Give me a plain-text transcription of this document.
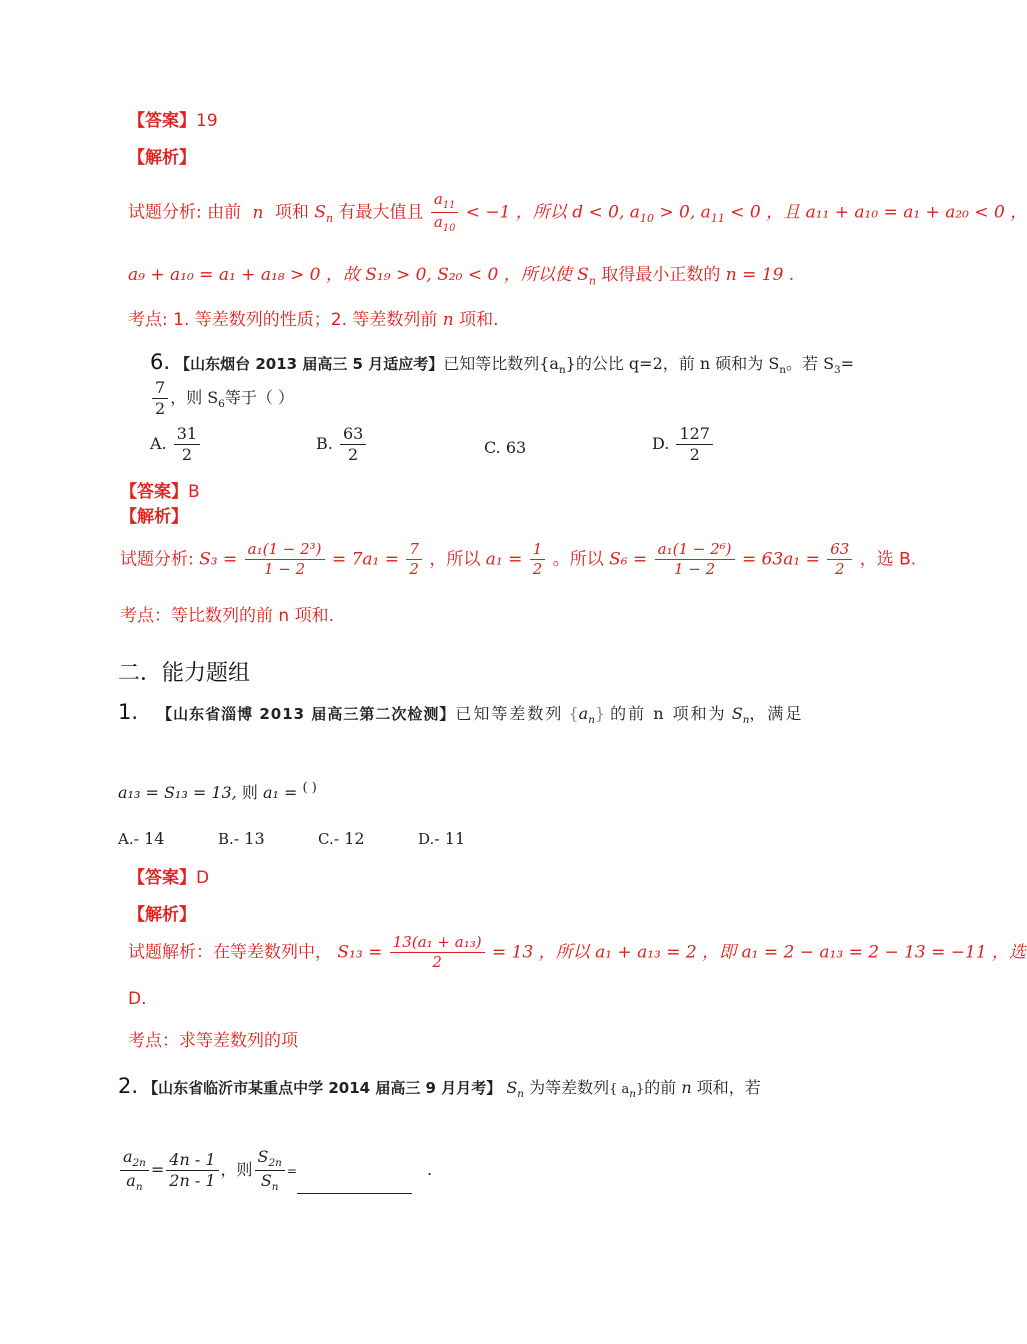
【答案】19
【解析】
试题分析: 由前 n 项和 $S_n$ 有最大值且 $\frac{a_{11}}{a_{10}} < -1$ ，所以 d < 0, $a_{10} > 0$, $a_{11} < 0$ ，且 a₁₁ + a₁₀ = a₁ + a₂₀ < 0 ，
a₉ + a₁₀ = a₁ + a₁₈ > 0 ，故 S₁₉ > 0, S₂₀ < 0 ，所以使 $S_n$ 取得最小正数的 n = 19 .
考点: 1. 等差数列的性质；2. 等差数列前 n 项和.
6. 【山东烟台 2013 届高三 5 月适应考】已知等比数列$\{a_n\}$的公比 q=2，前 n 硕和为 $S_n$。若 $S_3=$
$\frac{7}{2}$ ，则 $S_6$等于（ ）
A. $\frac{31}{2}$	B. $\frac{63}{2}$	C. 63	D. $\frac{127}{2}$
【答案】B
【解析】
试题分析: $S_3 = \frac{\text{a₁(1 − 2³)}}{1 - 2} = 7a_1 = \frac{7}{2}$ ，所以 $a_1 = \frac{1}{2}$ 。所以 $S_6 = \frac{\text{a₁(1 − 2⁶)}}{1 - 2} = 63a_1 = \frac{63}{2}$ ，选 B.
考点：等比数列的前 n 项和.
二．能力题组
1. 【山东省淄博 2013 届高三第二次检测】已知等差数列 $\{a_n\}$ 的前 n 项和为 $S_n$，满足
a₁₃ = S₁₃ = 13, 则 a₁ = ( )
A.- 14	B.- 13	C.- 12	D.- 11
【答案】D
【解析】
试题解析：在等差数列中， $S_{13} = \frac{\text{13(a₁ + a₁₃)}}{2} = 13$ ，所以 a₁ + a₁₃ = 2 ，即 a₁ = 2 − a₁₃ = 2 − 13 = −11 ，选
D.
考点：求等差数列的项
2. 【山东省临沂市某重点中学 2014 届高三 9 月月考】 $S_n$ 为等差数列{ $a_n$}的前 n 项和，若
$\frac{a_{2n}}{a_n} = \frac{4n - 1}{2n - 1}$ ，则 $\frac{S_{2n}}{S_n}$ =	.
